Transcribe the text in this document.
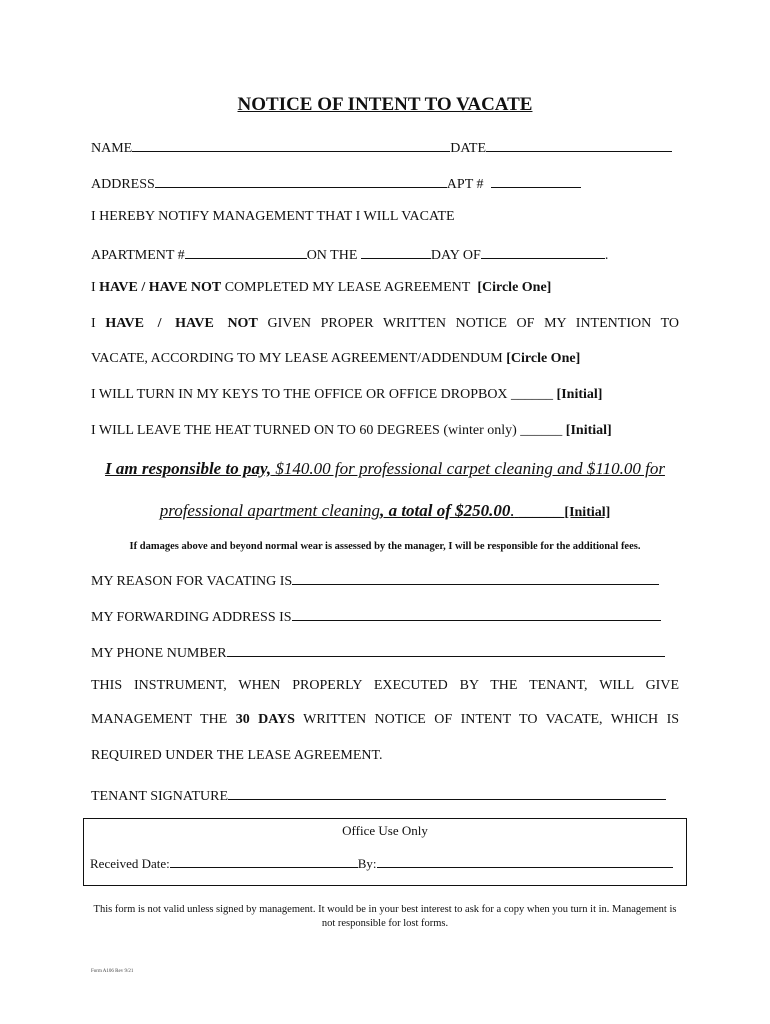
NOTICE OF INTENT TO VACATE
NAME	DATE
ADDRESS	APT #
I HEREBY NOTIFY MANAGEMENT THAT I WILL VACATE
APARTMENT #	ON THE	DAY OF	.
I HAVE / HAVE NOT COMPLETED MY LEASE AGREEMENT [Circle One]
I HAVE / HAVE NOT GIVEN PROPER WRITTEN NOTICE OF MY INTENTION TO
VACATE, ACCORDING TO MY LEASE AGREEMENT/ADDENDUM [Circle One]
I WILL TURN IN MY KEYS TO THE OFFICE OR OFFICE DROPBOX ______ [Initial]
I WILL LEAVE THE HEAT TURNED ON TO 60 DEGREES (winter only) ______ [Initial]
I am responsible to pay, $140.00 for professional carpet cleaning and $110.00 for
professional apartment cleaning, a total of $250.00. ______ [Initial]
If damages above and beyond normal wear is assessed by the manager, I will be responsible for the additional fees.
MY REASON FOR VACATING IS
MY FORWARDING ADDRESS IS
MY PHONE NUMBER
THIS INSTRUMENT, WHEN PROPERLY EXECUTED BY THE TENANT, WILL GIVE
MANAGEMENT THE 30 DAYS WRITTEN NOTICE OF INTENT TO VACATE, WHICH IS
REQUIRED UNDER THE LEASE AGREEMENT.
TENANT SIGNATURE
Office Use Only
Received Date:	By:
This form is not valid unless signed by management. It would be in your best interest to ask for a copy when you turn it in. Management is not responsible for lost forms.
Form A106 Rev 9/21
